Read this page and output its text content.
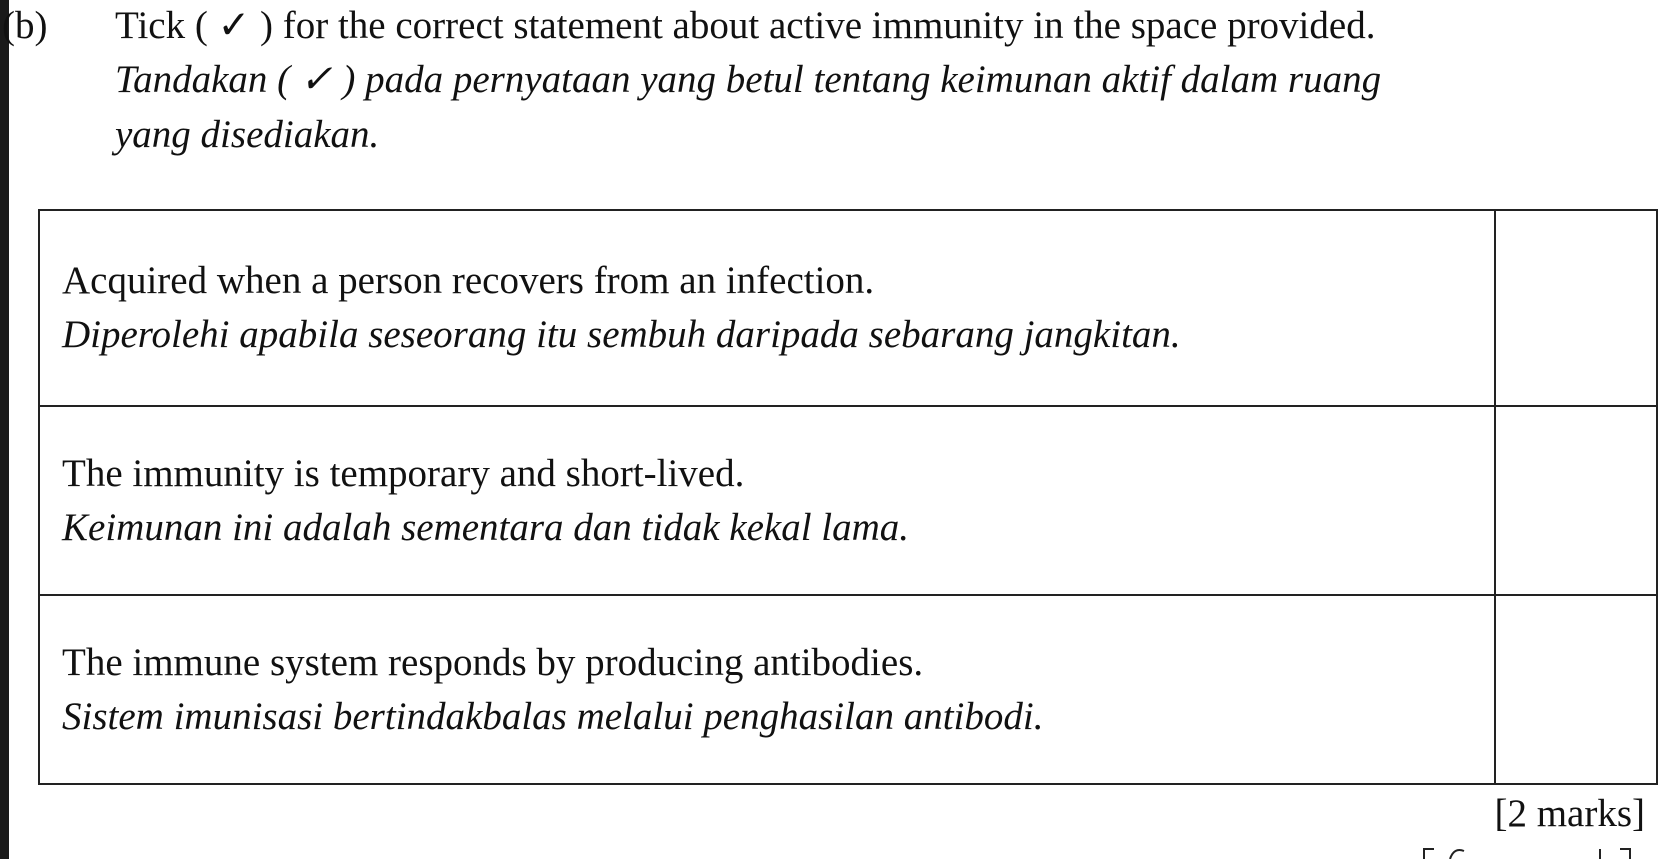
(b) Tick ( ✓ ) for the correct statement about active immunity in the space provided.
Tandakan ( ✓ ) pada pernyataan yang betul tentang keimunan aktif dalam ruang
yang disediakan.
Acquired when a person recovers from an infection.
Diperolehi apabila seseorang itu sembuh daripada sebarang jangkitan.	

The immunity is temporary and short-lived.
Keimunan ini adalah sementara dan tidak kekal lama.	

The immune system responds by producing antibodies.
Sistem imunisasi bertindakbalas melalui penghasilan antibodi.	

[2 marks]
